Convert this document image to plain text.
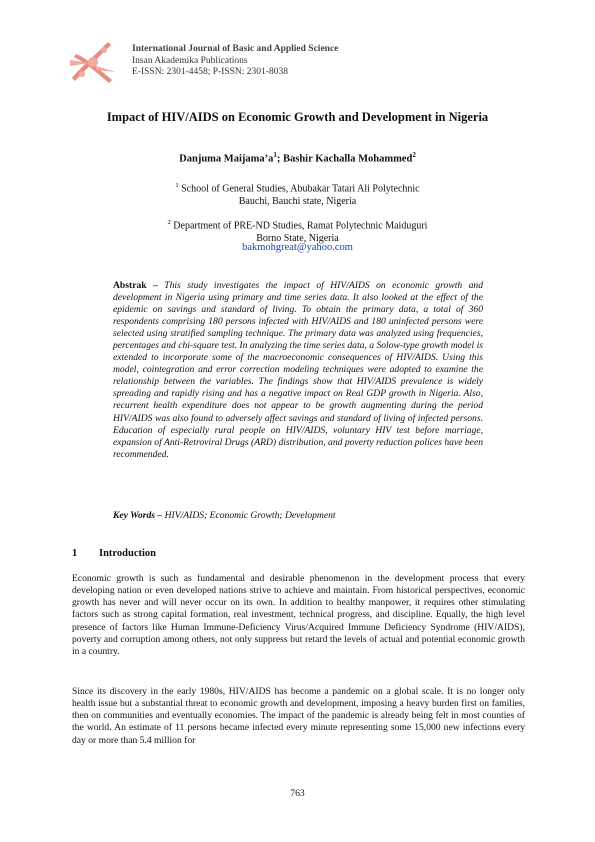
International Journal of Basic and Applied Science
Insan Akademika Publications
E-ISSN: 2301-4458; P-ISSN: 2301-8038
Impact of HIV/AIDS on Economic Growth and Development in Nigeria
Danjuma $Maijama’a^1$; Bashir Kachalla Mohammed$^2$
$^1$ School of General Studies, Abubakar Tatari Ali Polytechnic
Bauchi, Bauchi state, Nigeria
$^2$ Department of PRE-ND Studies, Ramat Polytechnic Maiduguri
Borno State, Nigeria
bakmohgreat@yahoo.com
Abstrak – This study investigates the impact of HIV/AIDS on economic growth and development in Nigeria using primary and time series data. It also looked at the effect of the epidemic on savings and standard of living. To obtain the primary data, a total of 360 respondents comprising 180 persons infected with HIV/AIDS and 180 uninfected persons were selected using stratified sampling technique. The primary data was analyzed using frequencies, percentages and chi-square test. In analyzing the time series data, a Solow-type growth model is extended to incorporate some of the macroeconomic consequences of HIV/AIDS. Using this model, cointegration and error correction modeling techniques were adopted to examine the relationship between the variables. The findings show that HIV/AIDS prevalence is widely spreading and rapidly rising and has a negative impact on Real GDP growth in Nigeria. Also, recurrent health expenditure does not appear to be growth augmenting during the period HIV/AIDS was also found to adversely affect savings and standard of living of infected persons. Education of especially rural people on HIV/AIDS, voluntary HIV test before marriage, expansion of Anti-Retroviral Drugs (ARD) distribution, and poverty reduction polices have been recommended.
Key Words – HIV/AIDS; Economic Growth; Development
1 Introduction
Economic growth is such as fundamental and desirable phenomenon in the development process that every developing nation or even developed nations strive to achieve and maintain. From historical perspectives, economic growth has never and will never occur on its own. In addition to healthy manpower, it requires other stimulating factors such as strong capital formation, real investment, technical progress, and discipline. Equally, the high level presence of factors like Human Immune-Deficiency Virus/Acquired Immune Deficiency Syndrome (HIV/AIDS), poverty and corruption among others, not only suppress but retard the levels of actual and potential economic growth in a country.
Since its discovery in the early 1980s, HIV/AIDS has become a pandemic on a global scale. It is no longer only health issue but a substantial threat to economic growth and development, imposing a heavy burden first on families, then on communities and eventually economies. The impact of the pandemic is already being felt in most counties of the world. An estimate of 11 persons became infected every minute representing some 15,000 new infections every day or more than 5.4 million for
763
